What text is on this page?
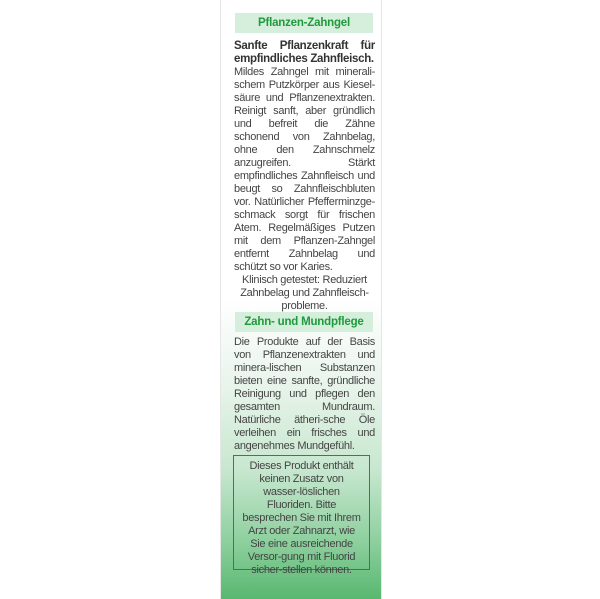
Pflanzen-Zahngel
Sanfte Pflanzenkraft für empfindliches Zahnfleisch.
Mildes Zahngel mit minerali-schem Putzkörper aus Kiesel-säure und Pflanzenextrakten. Reinigt sanft, aber gründlich und befreit die Zähne schonend von Zahnbelag, ohne den Zahnschmelz anzugreifen. Stärkt empfindliches Zahnfleisch und beugt so Zahnfleischbluten vor. Natürlicher Pfefferminzge-schmack sorgt für frischen Atem. Regelmäßiges Putzen mit dem Pflanzen-Zahngel entfernt Zahnbelag und schützt so vor Karies.
Klinisch getestet: Reduziert Zahnbelag und Zahnfleisch-probleme.
Zahn- und Mundpflege
Die Produkte auf der Basis von Pflanzenextrakten und minera-lischen Substanzen bieten eine sanfte, gründliche Reinigung und pflegen den gesamten Mundraum. Natürliche ätheri-sche Öle verleihen ein frisches und angenehmes Mundgefühl.
Dieses Produkt enthält keinen Zusatz von wasser-löslichen Fluoriden. Bitte besprechen Sie mit Ihrem Arzt oder Zahnarzt, wie Sie eine ausreichende Versor-gung mit Fluorid sicher-stellen können.
